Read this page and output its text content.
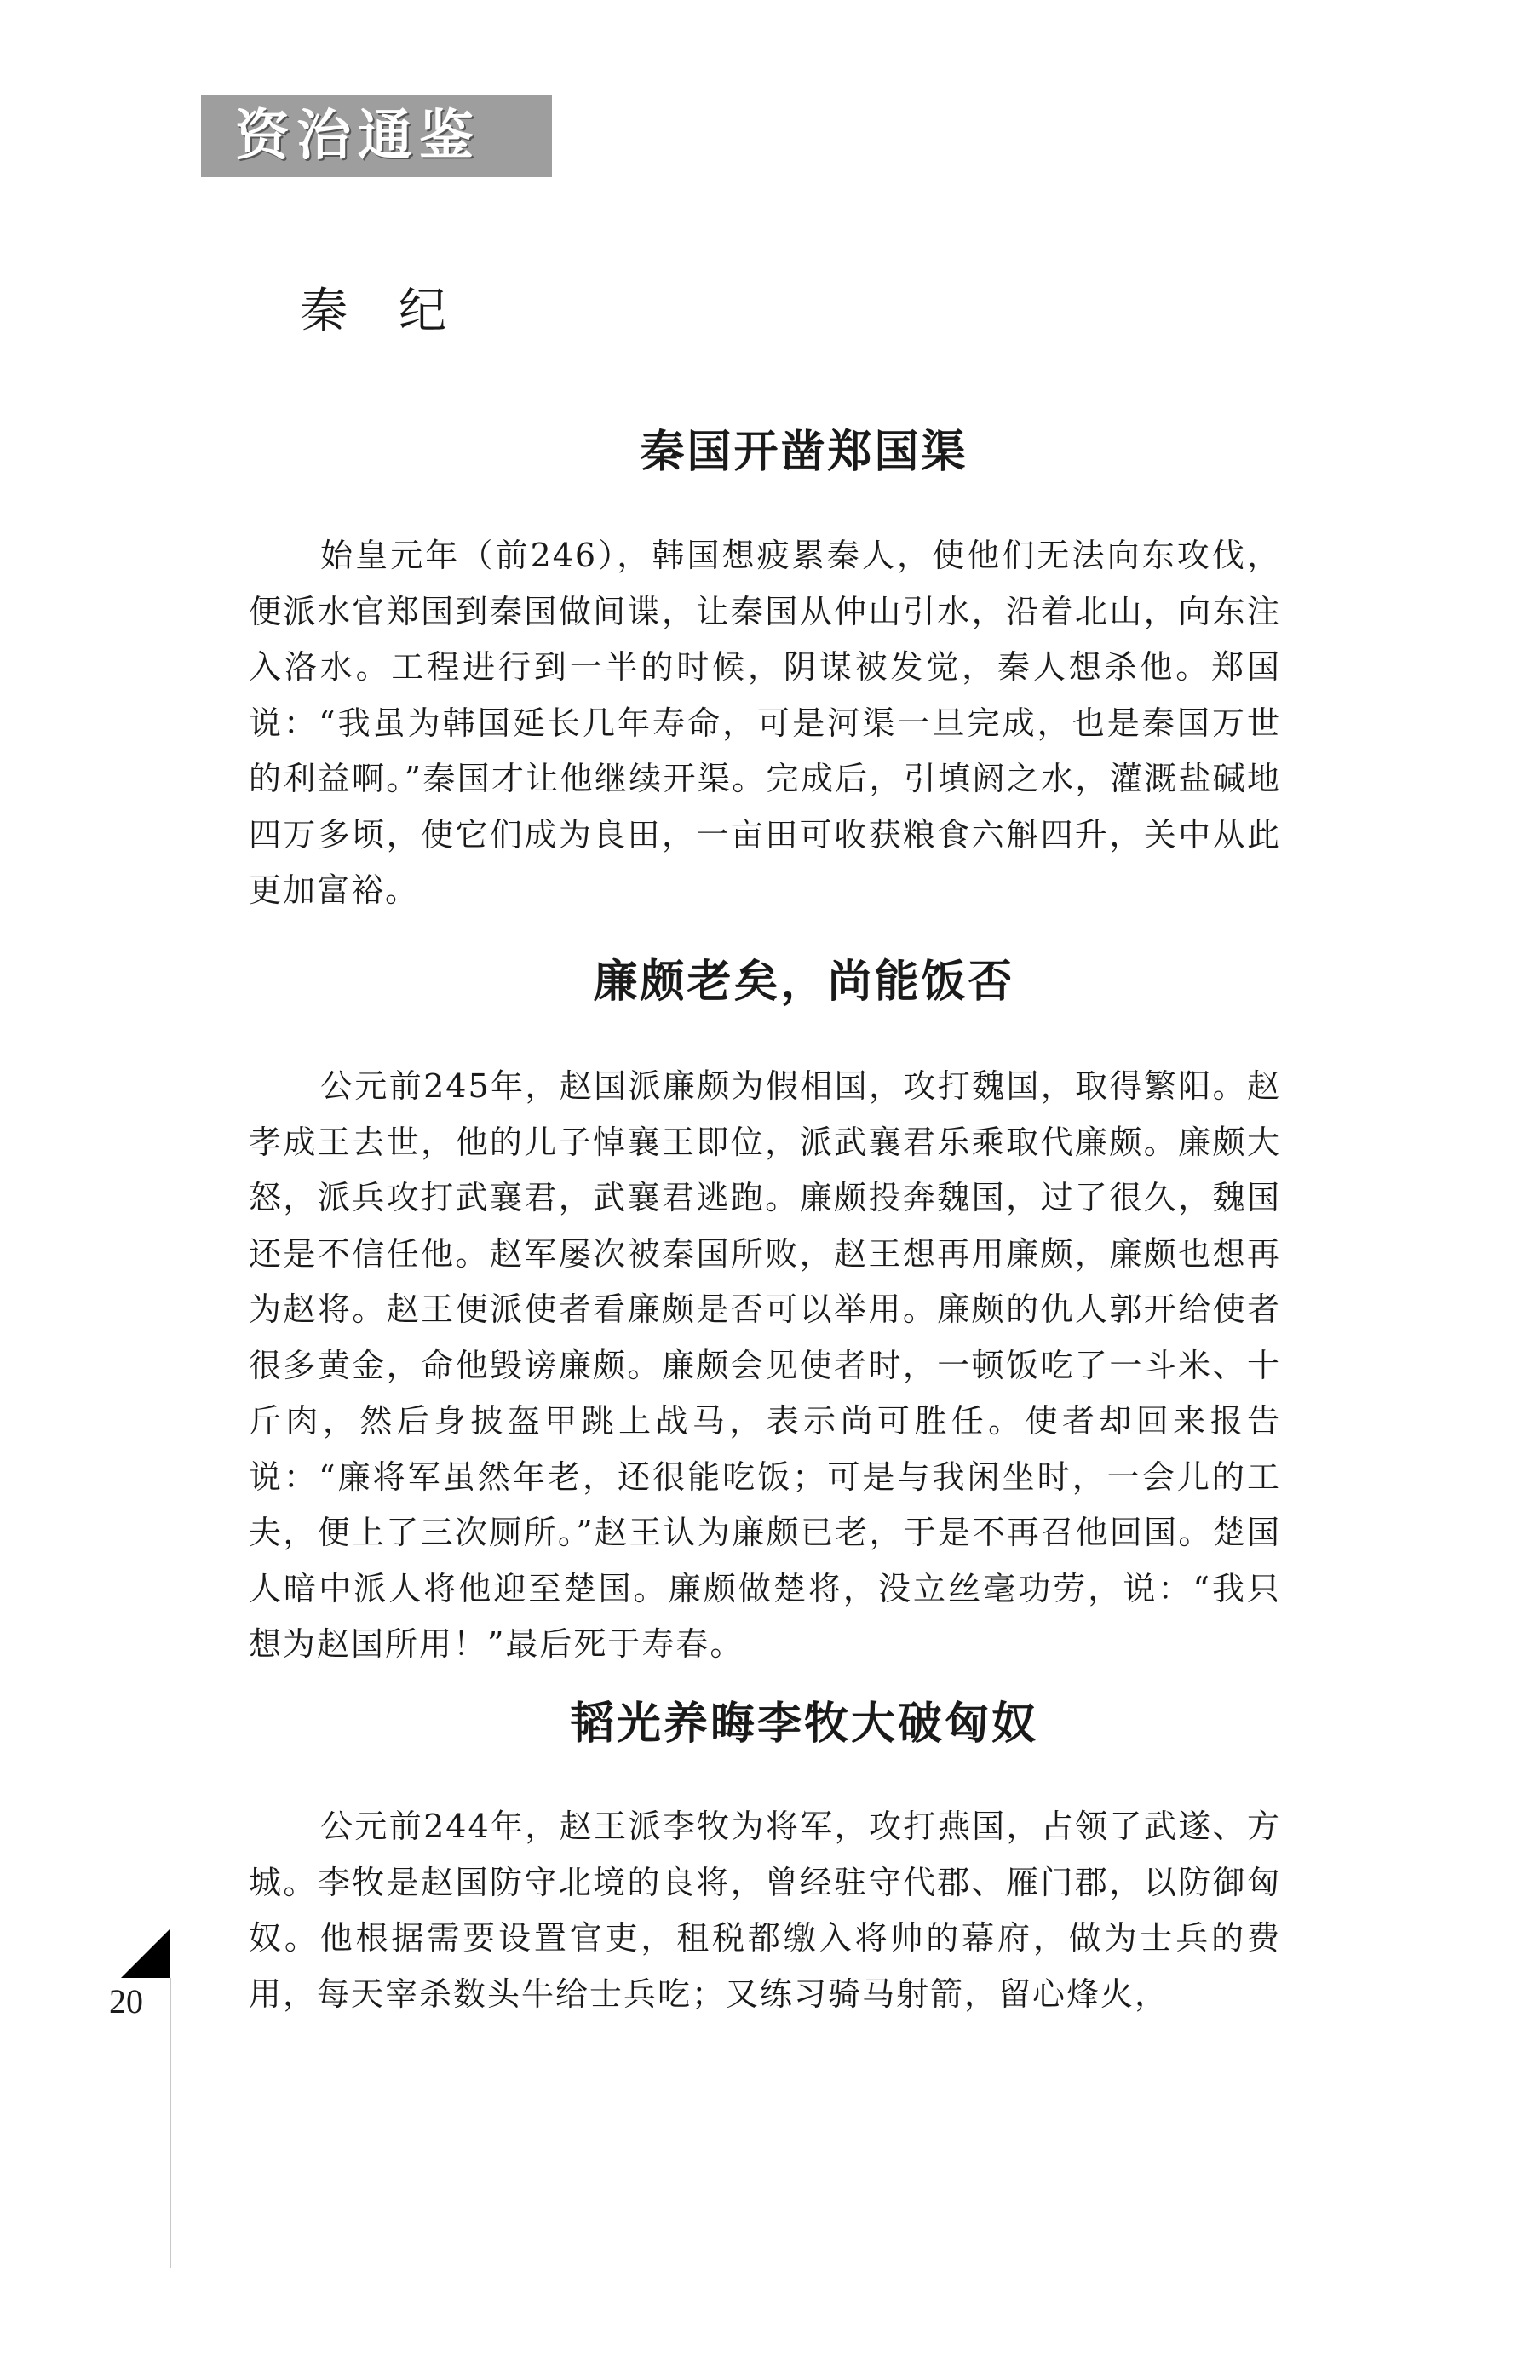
资治通鉴
秦纪
秦国开凿郑国渠

始皇元年（前246），韩国想疲累秦人，使他们无法向东攻伐，便派水官郑国到秦国做间谍，让秦国从仲山引水，沿着北山，向东注入洛水。工程进行到一半的时候，阴谋被发觉，秦人想杀他。郑国说：“我虽为韩国延长几年寿命，可是河渠一旦完成，也是秦国万世的利益啊。”秦国才让他继续开渠。完成后，引填阏之水，灌溉盐碱地四万多顷，使它们成为良田，一亩田可收获粮食六斛四升，关中从此更加富裕。

廉颇老矣，尚能饭否

公元前245年，赵国派廉颇为假相国，攻打魏国，取得繁阳。赵孝成王去世，他的儿子悼襄王即位，派武襄君乐乘取代廉颇。廉颇大怒，派兵攻打武襄君，武襄君逃跑。廉颇投奔魏国，过了很久，魏国还是不信任他。赵军屡次被秦国所败，赵王想再用廉颇，廉颇也想再为赵将。赵王便派使者看廉颇是否可以举用。廉颇的仇人郭开给使者很多黄金，命他毁谤廉颇。廉颇会见使者时，一顿饭吃了一斗米、十斤肉，然后身披盔甲跳上战马，表示尚可胜任。使者却回来报告说：“廉将军虽然年老，还很能吃饭；可是与我闲坐时，一会儿的工夫，便上了三次厕所。”赵王认为廉颇已老，于是不再召他回国。楚国人暗中派人将他迎至楚国。廉颇做楚将，没立丝毫功劳，说：“我只想为赵国所用！”最后死于寿春。

韬光养晦李牧大破匈奴

公元前244年，赵王派李牧为将军，攻打燕国，占领了武遂、方城。李牧是赵国防守北境的良将，曾经驻守代郡、雁门郡，以防御匈奴。他根据需要设置官吏，租税都缴入将帅的幕府，做为士兵的费用，每天宰杀数头牛给士兵吃；又练习骑马射箭，留心烽火，

20
